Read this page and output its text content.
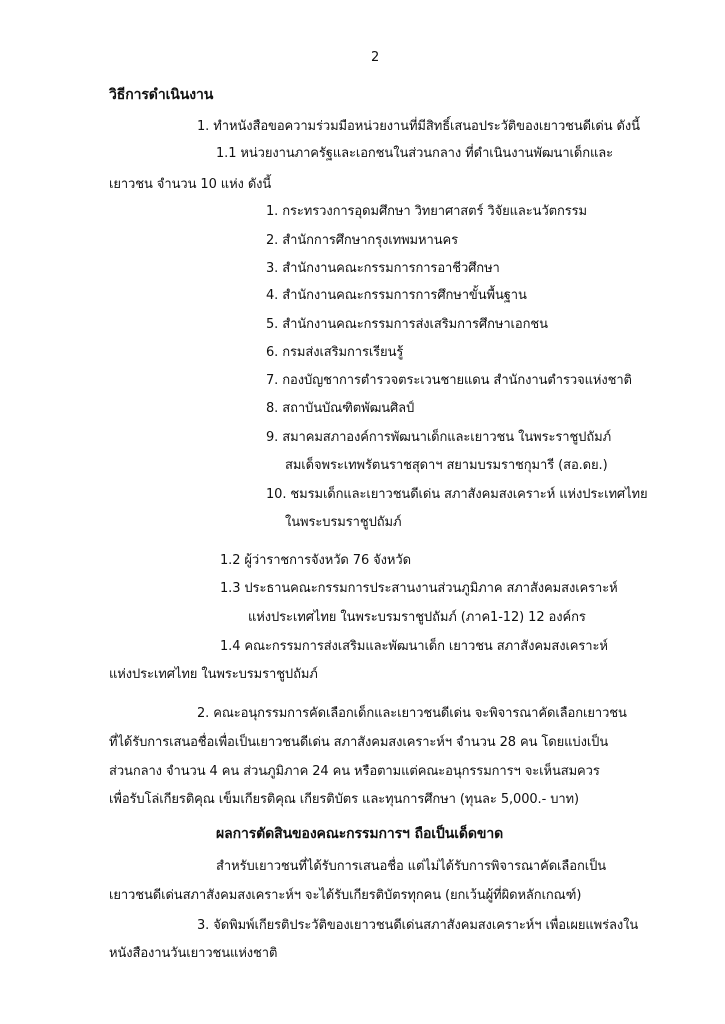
2
วิธีการดำเนินงาน
1. ทำหนังสือขอความร่วมมือหน่วยงานที่มีสิทธิ์เสนอประวัติของเยาวชนดีเด่น ดังนี้
1.1 หน่วยงานภาครัฐและเอกชนในส่วนกลาง ที่ดำเนินงานพัฒนาเด็กและ
เยาวชน จำนวน 10 แห่ง ดังนี้
1. กระทรวงการอุดมศึกษา วิทยาศาสตร์ วิจัยและนวัตกรรม
2. สำนักการศึกษากรุงเทพมหานคร
3. สำนักงานคณะกรรมการการอาชีวศึกษา
4. สำนักงานคณะกรรมการการศึกษาขั้นพื้นฐาน
5. สำนักงานคณะกรรมการส่งเสริมการศึกษาเอกชน
6. กรมส่งเสริมการเรียนรู้
7. กองบัญชาการตำรวจตระเวนชายแดน สำนักงานตำรวจแห่งชาติ
8. สถาบันบัณฑิตพัฒนศิลป์
9. สมาคมสภาองค์การพัฒนาเด็กและเยาวชน ในพระราชูปถัมภ์
สมเด็จพระเทพรัตนราชสุดาฯ สยามบรมราชกุมารี (สอ.ดย.)
10. ชมรมเด็กและเยาวชนดีเด่น สภาสังคมสงเคราะห์ แห่งประเทศไทย
ในพระบรมราชูปถัมภ์
1.2 ผู้ว่าราชการจังหวัด 76 จังหวัด
1.3 ประธานคณะกรรมการประสานงานส่วนภูมิภาค สภาสังคมสงเคราะห์
แห่งประเทศไทย ในพระบรมราชูปถัมภ์ (ภาค1-12) 12 องค์กร
1.4 คณะกรรมการส่งเสริมและพัฒนาเด็ก เยาวชน สภาสังคมสงเคราะห์
แห่งประเทศไทย ในพระบรมราชูปถัมภ์
2. คณะอนุกรรมการคัดเลือกเด็กและเยาวชนดีเด่น จะพิจารณาคัดเลือกเยาวชน
ที่ได้รับการเสนอชื่อเพื่อเป็นเยาวชนดีเด่น สภาสังคมสงเคราะห์ฯ จำนวน 28 คน โดยแบ่งเป็น
ส่วนกลาง จำนวน 4 คน ส่วนภูมิภาค 24 คน หรือตามแต่คณะอนุกรรมการฯ จะเห็นสมควร
เพื่อรับโล่เกียรติคุณ เข็มเกียรติคุณ เกียรติบัตร และทุนการศึกษา (ทุนละ 5,000.- บาท)
ผลการตัดสินของคณะกรรมการฯ ถือเป็นเด็ดขาด
สำหรับเยาวชนที่ได้รับการเสนอชื่อ แต่ไม่ได้รับการพิจารณาคัดเลือกเป็น
เยาวชนดีเด่นสภาสังคมสงเคราะห์ฯ จะได้รับเกียรติบัตรทุกคน (ยกเว้นผู้ที่ผิดหลักเกณฑ์)
3. จัดพิมพ์เกียรติประวัติของเยาวชนดีเด่นสภาสังคมสงเคราะห์ฯ เพื่อเผยแพร่ลงใน
หนังสืองานวันเยาวชนแห่งชาติ
